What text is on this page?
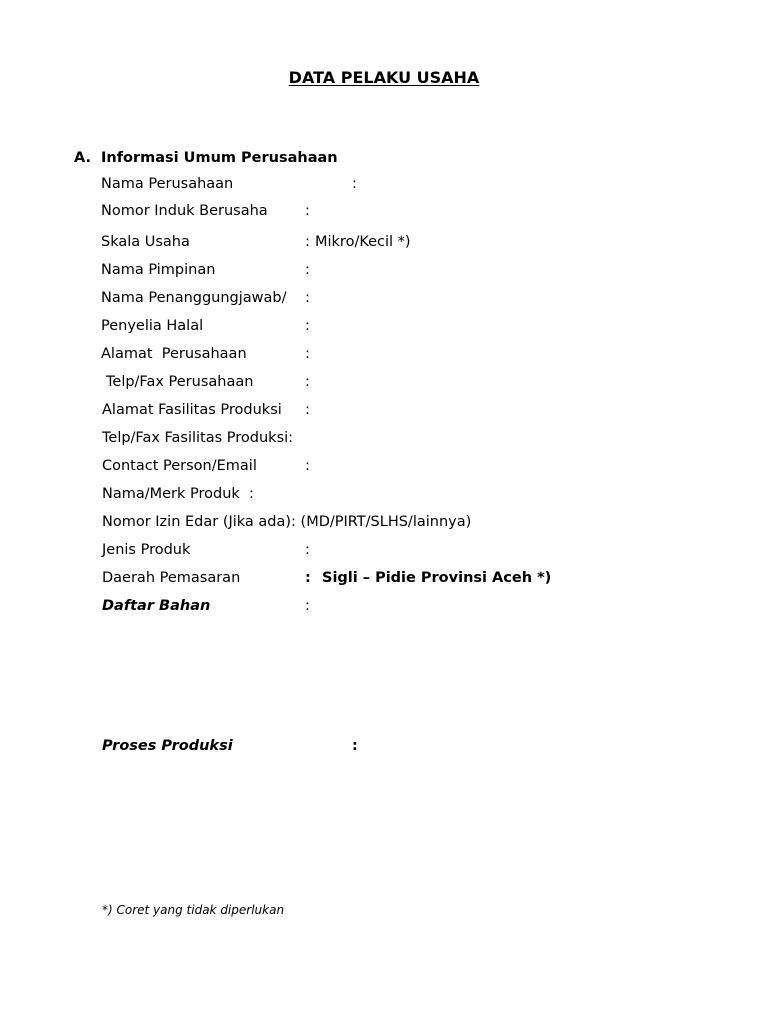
DATA PELAKU USAHA
A. Informasi Umum Perusahaan
Nama Perusahaan	:
Nomor Induk Berusaha	:
Skala Usaha	: Mikro/Kecil *)
Nama Pimpinan	:
Nama Penanggungjawab/ :
Penyelia Halal	:
Alamat  Perusahaan	:
Telp/Fax Perusahaan	:
Alamat Fasilitas Produksi :
Telp/Fax Fasilitas Produksi:
Contact Person/Email	:
Nama/Merk Produk  :
Nomor Izin Edar (Jika ada): (MD/PIRT/SLHS/lainnya)
Jenis Produk	:
Daerah Pemasaran	: Sigli – Pidie Provinsi Aceh *)
Daftar Bahan	:
Proses Produksi	:
*) Coret yang tidak diperlukan
